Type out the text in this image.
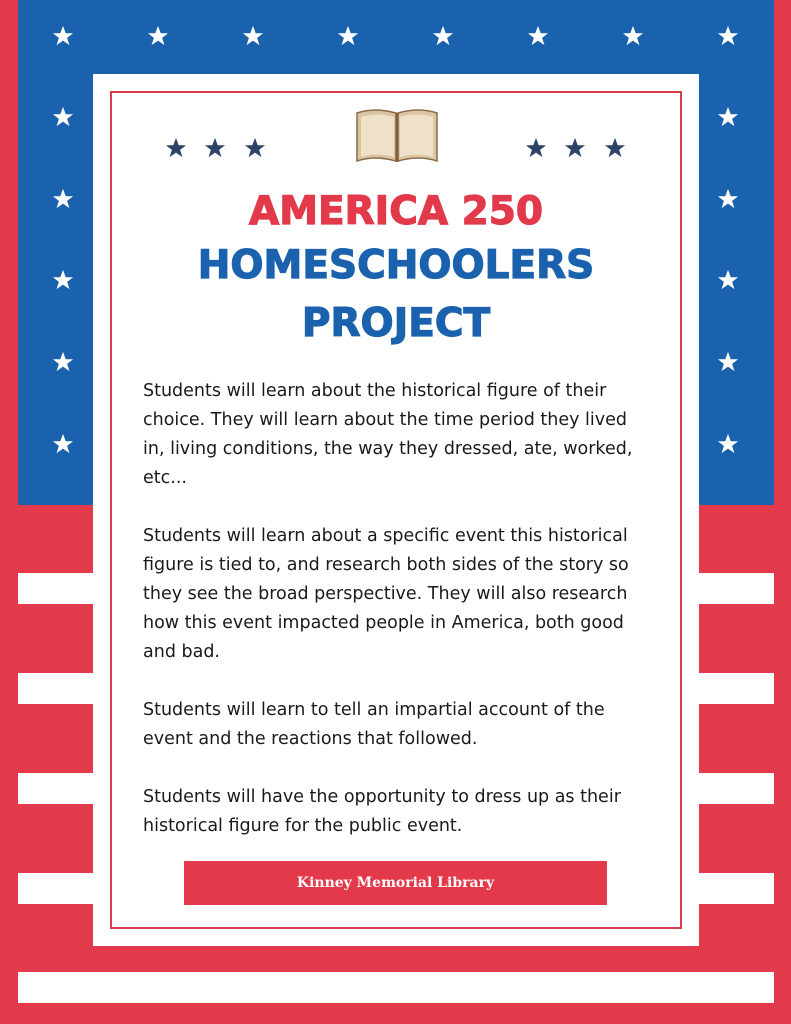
AMERICA 250
HOMESCHOOLERS
PROJECT

Students will learn about the historical figure of their choice. They will learn about the time period they lived in, living conditions, the way they dressed, ate, worked, etc...

Students will learn about a specific event this historical figure is tied to, and research both sides of the story so they see the broad perspective. They will also research how this event impacted people in America, both good and bad.

Students will learn to tell an impartial account of the event and the reactions that followed.

Students will have the opportunity to dress up as their historical figure for the public event.

Kinney Memorial Library
